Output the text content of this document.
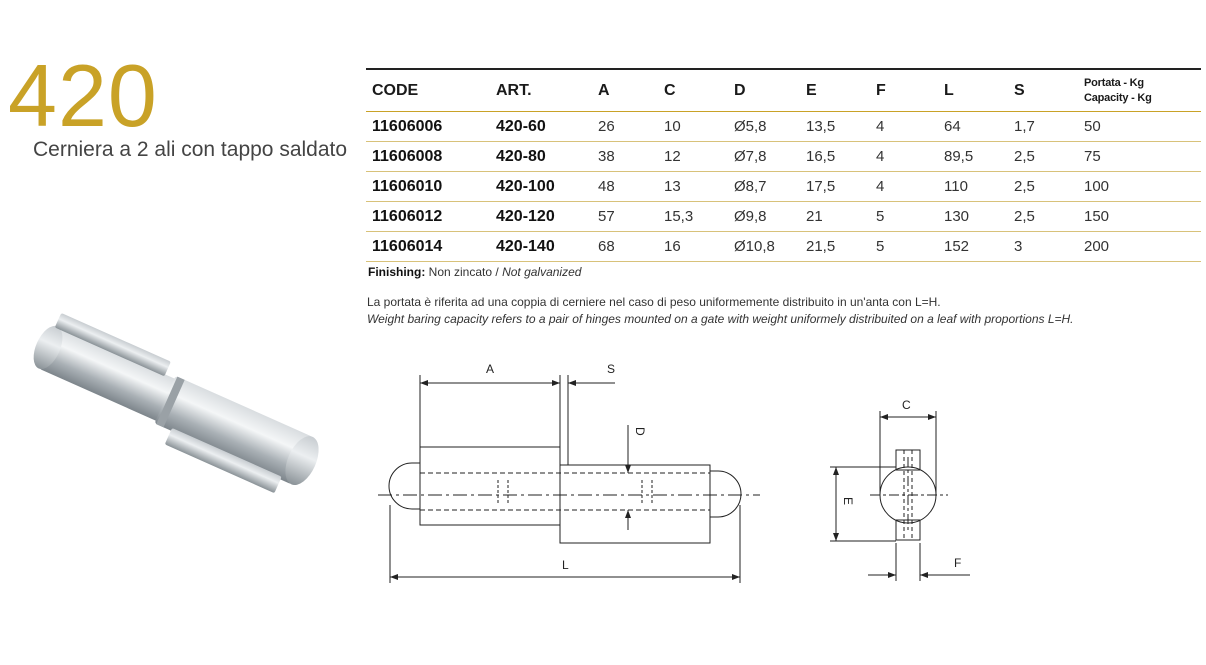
420
Cerniera a 2 ali con tappo saldato
CODE	ART.	A	C	D	E	F	L	S	Portata - Kg
Capacity - Kg

11606006	420-60	26	10	Ø5,8	13,5	4	64	1,7	50
11606008	420-80	38	12	Ø7,8	16,5	4	89,5	2,5	75
11606010	420-100	48	13	Ø8,7	17,5	4	110	2,5	100
11606012	420-120	57	15,3	Ø9,8	21	5	130	2,5	150
11606014	420-140	68	16	Ø10,8	21,5	5	152	3	200
Finishing: Non zincato / Not galvanized
La portata è riferita ad una coppia di cerniere nel caso di peso uniformemente distribuito in un'anta con L=H.
Weight baring capacity refers to a pair of hinges mounted on a gate with weight uniformely distribuited on a leaf with proportions L=H.
A	S
D
L
C
E
F
